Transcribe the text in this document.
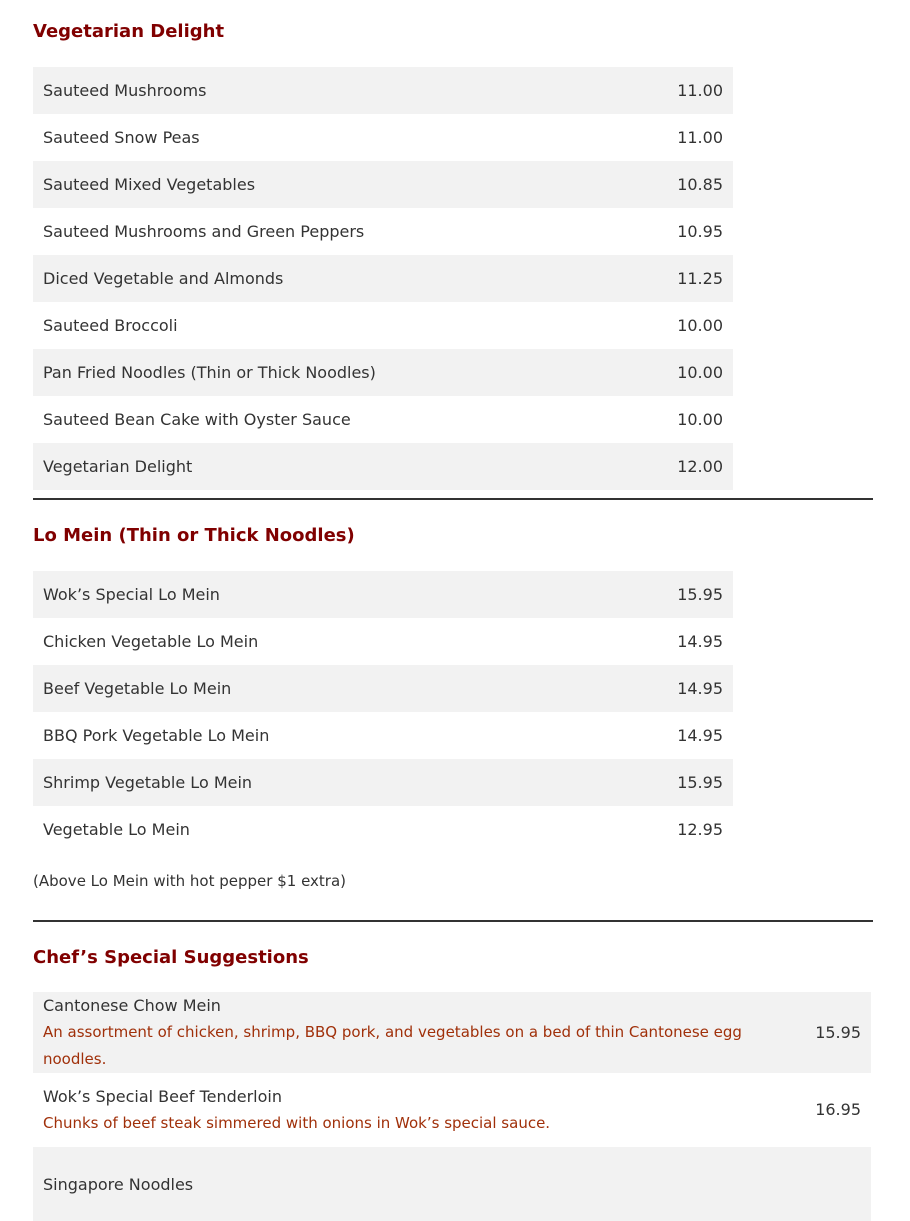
Vegetarian Delight
Sauteed Mushrooms	11.00
Sauteed Snow Peas	11.00
Sauteed Mixed Vegetables	10.85
Sauteed Mushrooms and Green Peppers	10.95
Diced Vegetable and Almonds	11.25
Sauteed Broccoli	10.00
Pan Fried Noodles (Thin or Thick Noodles)	10.00
Sauteed Bean Cake with Oyster Sauce	10.00
Vegetarian Delight	12.00
Lo Mein (Thin or Thick Noodles)
Wok’s Special Lo Mein	15.95
Chicken Vegetable Lo Mein	14.95
Beef Vegetable Lo Mein	14.95
BBQ Pork Vegetable Lo Mein	14.95
Shrimp Vegetable Lo Mein	15.95
Vegetable Lo Mein	12.95

(Above Lo Mein with hot pepper $1 extra)

Chef’s Special Suggestions
Cantonese Chow Mein
An assortment of chicken, shrimp, BBQ pork, and vegetables on a bed of thin Cantonese egg noodles.	15.95

Wok’s Special Beef Tenderloin
Chunks of beef steak simmered with onions in Wok’s special sauce.	16.95

Singapore Noodles	
